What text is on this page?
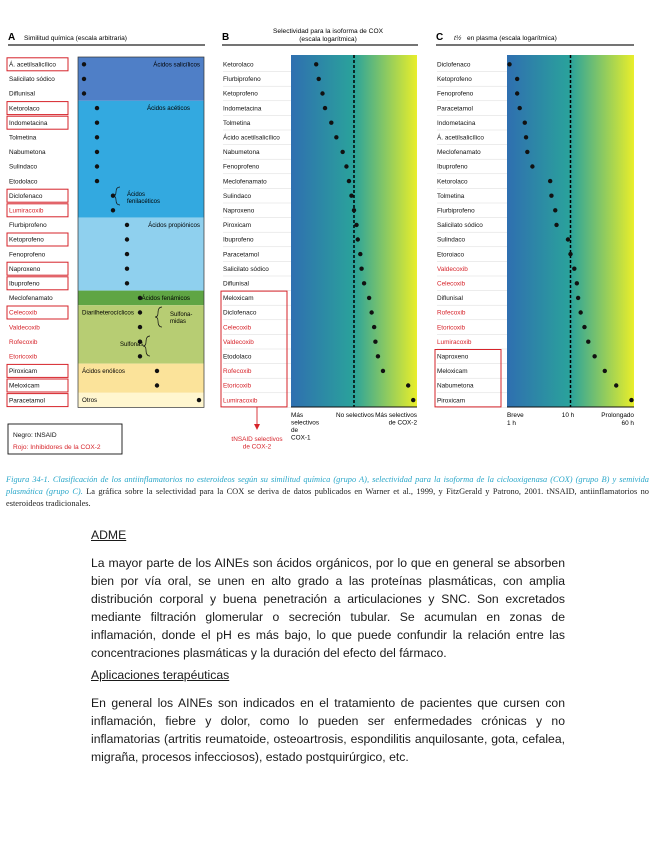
A Similitud química (escala arbitraria)
Á. acetilsalicílico
Salicilato sódico
Diflunisal
Ketorolaco
Indometacina
Tolmetina
Nabumetona
Sulindaco
Etodolaco
Diclofenaco
Lumiracoxib
Flurbiprofeno
Ketoprofeno
Fenoprofeno
Naproxeno
Ibuprofeno
Meclofenamato
Celecoxib
Valdecoxib
Rofecoxib
Etoricoxib
Piroxicam
Meloxicam
Paracetamol
Ácidos salicílicos
Ácidos acéticos
Ácidos propiónicos
Ácidos fenámicos
Diarilheterocíclicos
Ácidos enólicos
Otros
Ácidos fenilacéticos
Sulfona-midas
Sulfonas
Negro: tNSAID
Rojo: Inhibidores de la COX-2
B
Selectividad para la isoforma de COX
(escala logarítmica)
Ketorolaco
Flurbiprofeno
Ketoprofeno
Indometacina
Tolmetina
Ácido acetilsalicílico
Nabumetona
Fenoprofeno
Meclofenamato
Sulindaco
Naproxeno
Piroxicam
Ibuprofeno
Paracetamol
Salicilato sódico
Diflunisal
Meloxicam
Diclofenaco
Celecoxib
Valdecoxib
Etodolaco
Rofecoxib
Etoricoxib
Lumiracoxib
Más selectivos de COX-1
No selectivos Más selectivos de COX-2
tNSAID selectivos de COX-2
C t½ en plasma (escala logarítmica)
Diclofenaco
Ketoprofeno
Fenoprofeno
Paracetamol
Indometacina
Á. acetilsalicílico
Meclofenamato
Ibuprofeno
Ketorolaco
Tolmetina
Flurbiprofeno
Salicilato sódico
Sulindaco
Etoroiaco
Valdecoxib
Celecoxib
Diflunisal
Rofecoxib
Etoricoxib
Lumiracoxib
Naproxeno
Meloxicam
Nabumetona
Piroxicam
Breve
1 h
10 h	Prolongado
60 h
Figura 34-1. Clasificación de los antiinflamatorios no esteroideos según su similitud química (grupo A), selectividad para la isoforma de la ciclooxigenasa (COX) (grupo B) y semivida plasmática (grupo C). La gráfica sobre la selectividad para la COX se deriva de datos publicados en Warner et al., 1999, y FitzGerald y Patrono, 2001. tNSAID, antiinflamatorios no esteroideos tradicionales.
ADME

La mayor parte de los AINEs son ácidos orgánicos, por lo que en general se absorben bien por vía oral, se unen en alto grado a las proteínas plasmáticas, con amplia distribución corporal y buena penetración a articulaciones y SNC. Son excretados mediante filtración glomerular o secreción tubular. Se acumulan en zonas de inflamación, donde el pH es más bajo, lo que puede confundir la relación entre las concentraciones plasmáticas y la duración del efecto del fármaco.

Aplicaciones terapéuticas

En general los AINEs son indicados en el tratamiento de pacientes que cursen con inflamación, fiebre y dolor, como lo pueden ser enfermedades crónicas y no inflamatorias (artritis reumatoide, osteoartrosis, espondilitis anquilosante, gota, cefalea, migraña, procesos infecciosos), estado postquirúrgico, etc.
